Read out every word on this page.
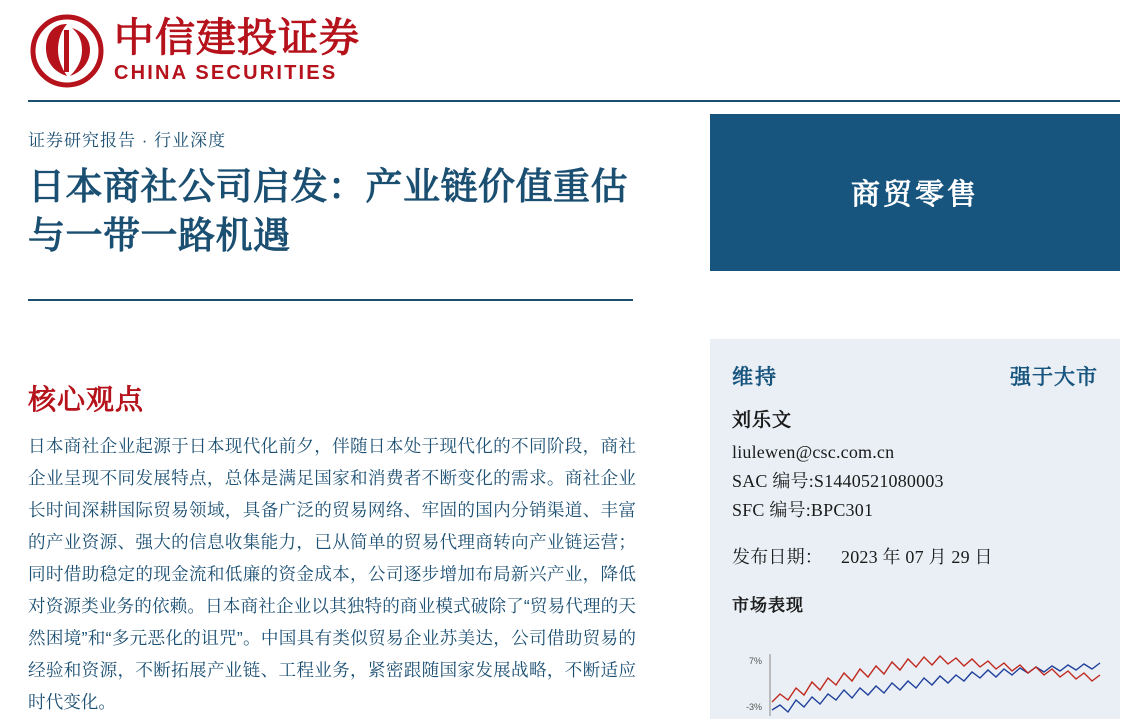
中信建投证券
CHINA SECURITIES
证券研究报告 · 行业深度
日本商社公司启发：产业链价值重估与一带一路机遇
核心观点
日本商社企业起源于日本现代化前夕，伴随日本处于现代化的不同阶段，商社企业呈现不同发展特点，总体是满足国家和消费者不断变化的需求。商社企业长时间深耕国际贸易领域，具备广泛的贸易网络、牢固的国内分销渠道、丰富的产业资源、强大的信息收集能力，已从简单的贸易代理商转向产业链运营；同时借助稳定的现金流和低廉的资金成本，公司逐步增加布局新兴产业，降低对资源类业务的依赖。日本商社企业以其独特的商业模式破除了“贸易代理的天然困境”和“多元恶化的诅咒”。中国具有类似贸易企业苏美达，公司借助贸易的经验和资源，不断拓展产业链、工程业务，紧密跟随国家发展战略，不断适应时代变化。
商贸零售
维持	强于大市
刘乐文
liulewen@csc.com.cn
SAC 编号:S1440521080003
SFC 编号:BPC301
发布日期： 2023 年 07 月 29 日
市场表现
7%
-3%
